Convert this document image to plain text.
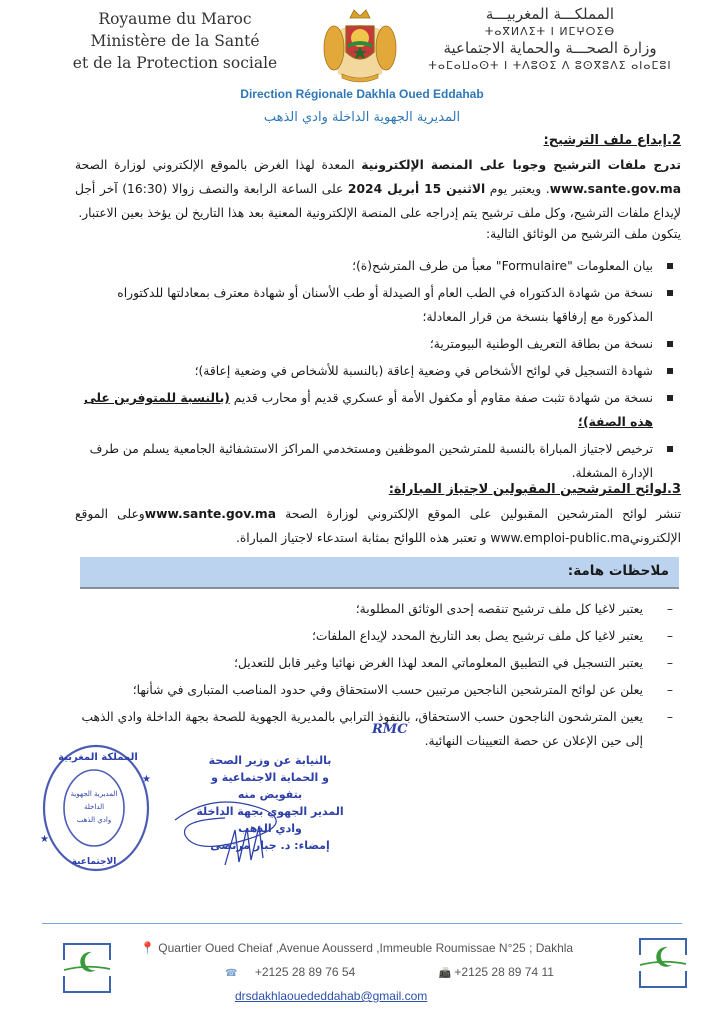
Royaume du Maroc
Ministère de la Santé
et de la Protection sociale
المملكـــة المغربيـــة
ⵜⴰⴳⵍⴷⵉⵜ ⵏ ⵍⵎⵖⵔⵉⴱ
وزارة الصحـــة والحماية الاجتماعية
ⵜⴰⵎⴰⵡⴰⵙⵜ ⵏ ⵜⴷⵓⵙⵉ ⴷ ⵓⵙⴳⵓⴷⵉ ⴰⵏⴰⵎⵓⵏ
Direction Régionale Dakhla Oued Eddahab
المديرية الجهوية الداخلة وادي الذهب
2.إيداع ملف الترشيح:
تدرج ملفات الترشيح وجوبا على المنصة الإلكترونية المعدة لهذا الغرض بالموقع الإلكتروني لوزارة الصحة www.sante.gov.ma. ويعتبر يوم الاثنين 15 أبريل 2024 على الساعة الرابعة والنصف زوالا (16:30) آخر أجل لإيداع ملفات الترشيح، وكل ملف ترشيح يتم إدراجه على المنصة الإلكترونية المعنية بعد هذا التاريخ لن يؤخذ بعين الاعتبار.
يتكون ملف الترشيح من الوثائق التالية:
بيان المعلومات "Formulaire" معبأ من طرف المترشح(ة)؛
نسخة من شهادة الدكتوراه في الطب العام أو الصيدلة أو طب الأسنان أو شهادة معترف بمعادلتها للدكتوراه المذكورة مع إرفاقها بنسخة من قرار المعادلة؛
نسخة من بطاقة التعريف الوطنية البيومترية؛
شهادة التسجيل في لوائح الأشخاص في وضعية إعاقة (بالنسبة للأشخاص في وضعية إعاقة)؛
نسخة من شهادة تثبت صفة مقاوم أو مكفول الأمة أو عسكري قديم أو محارب قديم (بالنسبة للمتوفرين على هذه الصفة)؛
ترخيص لاجتياز المباراة بالنسبة للمترشحين الموظفين ومستخدمي المراكز الاستشفائية الجامعية يسلم من طرف الإدارة المشغلة.
3.لوائح المترشحين المقبولين لاجتياز المباراة:
تنشر لوائح المترشحين المقبولين على الموقع الإلكتروني لوزارة الصحة www.sante.gov.maوعلى الموقع الإلكترونيwww.emploi-public.ma و تعتبر هذه اللوائح بمثابة استدعاء لاجتياز المباراة.
ملاحظات هامة:
–
يعتبر لاغيا كل ملف ترشيح تنقصه إحدى الوثائق المطلوبة؛
–
يعتبر لاغيا كل ملف ترشيح يصل بعد التاريخ المحدد لإيداع الملفات؛
–
يعتبر التسجيل في التطبيق المعلوماتي المعد لهذا الغرض نهائيا وغير قابل للتعديل؛
–
يعلن عن لوائح المترشحين الناجحين مرتبين حسب الاستحقاق وفي حدود المناصب المتبارى في شأنها؛
–
يعين المترشحون الناجحون حسب الاستحقاق، بالنفوذ الترابي بالمديرية الجهوية للصحة بجهة الداخلة وادي الذهب إلى حين الإعلان عن حصة التعيينات النهائية.
RMC
المملكة المغربية
المديرية الجهوية
الداخلة
وادي الذهب
الاجتماعية
★
★
بالنيابة عن وزير الصحة
و الحماية الاجتماعية و بتفويض منه
المدير الجهوي بجهة الداخلة وادي الذهب
إمضاء: د. جبار مرتضى
📍 Quartier Oued Cheiaf ,Avenue Aousserd ,Immeuble Roumissae N°25 ; Dakhla
☎ +2125 28 89 76 54	📠 +2125 28 89 74 11
drsdakhlaouededdahab@gmail.com
